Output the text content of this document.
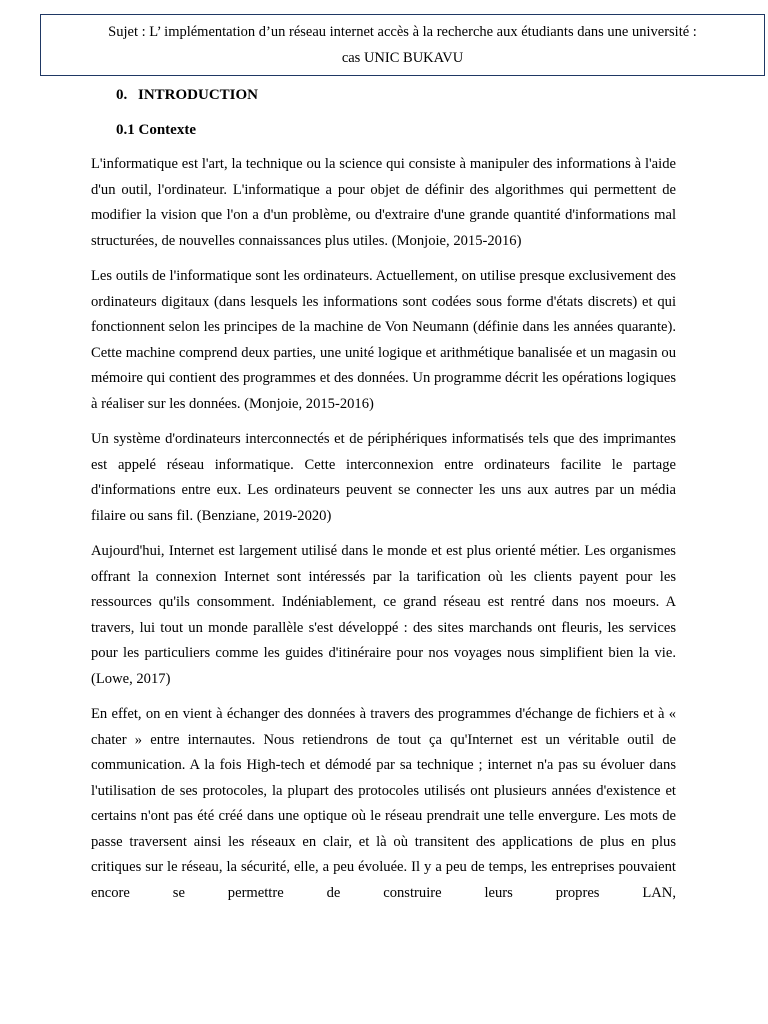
Sujet : L’ implémentation d’un réseau internet accès à la recherche aux étudiants dans une université :
cas UNIC BUKAVU
0. INTRODUCTION
0.1 Contexte

L'informatique est l'art, la technique ou la science qui consiste à manipuler des informations à l'aide d'un outil, l'ordinateur. L'informatique a pour objet de définir des algorithmes qui permettent de modifier la vision que l'on a d'un problème, ou d'extraire d'une grande quantité d'informations mal structurées, de nouvelles connaissances plus utiles. (Monjoie, 2015-2016)

Les outils de l'informatique sont les ordinateurs. Actuellement, on utilise presque exclusivement des ordinateurs digitaux (dans lesquels les informations sont codées sous forme d'états discrets) et qui fonctionnent selon les principes de la machine de Von Neumann (définie dans les années quarante). Cette machine comprend deux parties, une unité logique et arithmétique banalisée et un magasin ou mémoire qui contient des programmes et des données. Un programme décrit les opérations logiques à réaliser sur les données. (Monjoie, 2015-2016)

Un système d'ordinateurs interconnectés et de périphériques informatisés tels que des imprimantes est appelé réseau informatique. Cette interconnexion entre ordinateurs facilite le partage d'informations entre eux. Les ordinateurs peuvent se connecter les uns aux autres par un média filaire ou sans fil. (Benziane, 2019-2020)

Aujourd'hui, Internet est largement utilisé dans le monde et est plus orienté métier. Les organismes offrant la connexion Internet sont intéressés par la tarification où les clients payent pour les ressources qu'ils consomment. Indéniablement, ce grand réseau est rentré dans nos moeurs. A travers, lui tout un monde parallèle s'est développé : des sites marchands ont fleuris, les services pour les particuliers comme les guides d'itinéraire pour nos voyages nous simplifient bien la vie. (Lowe, 2017)

En effet, on en vient à échanger des données à travers des programmes d'échange de fichiers et à « chater » entre internautes. Nous retiendrons de tout ça qu'Internet est un véritable outil de communication. A la fois High-tech et démodé par sa technique ; internet n'a pas su évoluer dans l'utilisation de ses protocoles, la plupart des protocoles utilisés ont plusieurs années d'existence et certains n'ont pas été créé dans une optique où le réseau prendrait une telle envergure. Les mots de passe traversent ainsi les réseaux en clair, et là où transitent des applications de plus en plus critiques sur le réseau, la sécurité, elle, a peu évoluée. Il y a peu de temps, les entreprises pouvaient encore se permettre de construire leurs propres LAN,
